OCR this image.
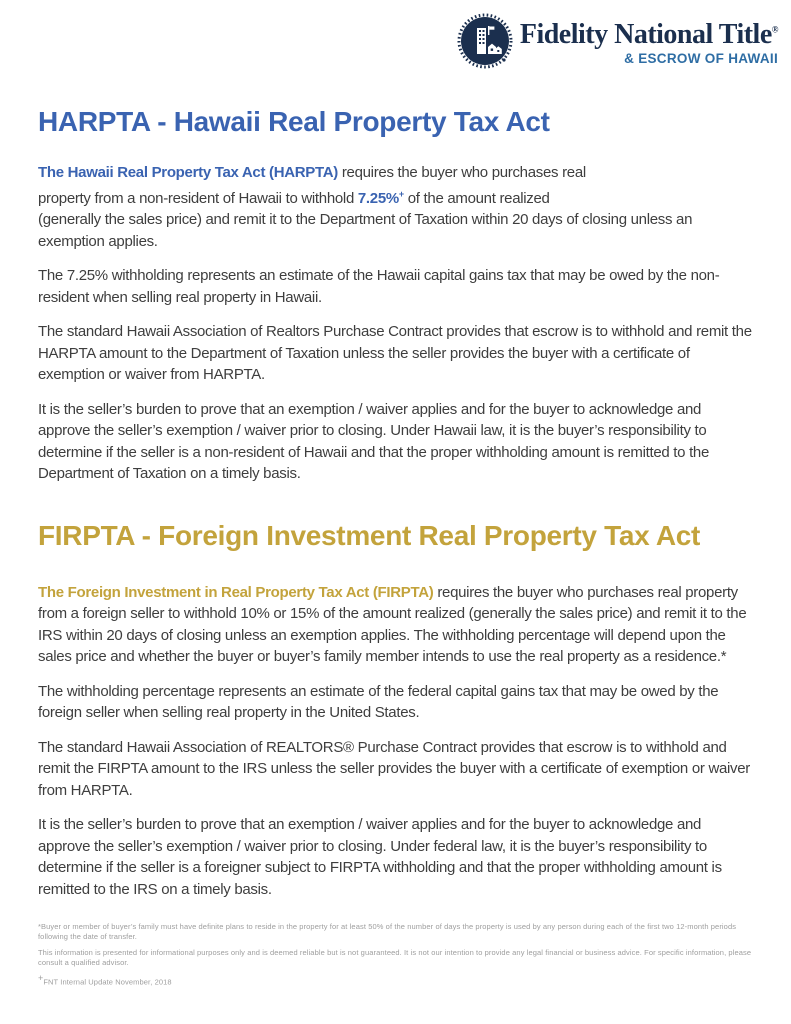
Fidelity National Title®
& ESCROW OF HAWAII
HARPTA - Hawaii Real Property Tax Act

The Hawaii Real Property Tax Act (HARPTA) requires the buyer who purchases real
property from a non-resident of Hawaii to withhold 7.25%+ of the amount realized
(generally the sales price) and remit it to the Department of Taxation within 20 days of closing unless an exemption applies.

The 7.25% withholding represents an estimate of the Hawaii capital gains tax that may be owed by the non-resident when selling real property in Hawaii.

The standard Hawaii Association of Realtors Purchase Contract provides that escrow is to withhold and remit the HARPTA amount to the Department of Taxation unless the seller provides the buyer with a certificate of exemption or waiver from HARPTA.

It is the seller’s burden to prove that an exemption / waiver applies and for the buyer to acknowledge and approve the seller’s exemption / waiver prior to closing. Under Hawaii law, it is the buyer’s responsibility to determine if the seller is a non-resident of Hawaii and that the proper withholding amount is remitted to the Department of Taxation on a timely basis.

FIRPTA - Foreign Investment Real Property Tax Act

The Foreign Investment in Real Property Tax Act (FIRPTA) requires the buyer who purchases real property from a foreign seller to withhold 10% or 15% of the amount realized (generally the sales price) and remit it to the IRS within 20 days of closing unless an exemption applies. The withholding percentage will depend upon the sales price and whether the buyer or buyer’s family member intends to use the real property as a residence.*

The withholding percentage represents an estimate of the federal capital gains tax that may be owed by the foreign seller when selling real property in the United States.

The standard Hawaii Association of REALTORS® Purchase Contract provides that escrow is to withhold and remit the FIRPTA amount to the IRS unless the seller provides the buyer with a certificate of exemption or waiver from HARPTA.

It is the seller’s burden to prove that an exemption / waiver applies and for the buyer to acknowledge and approve the seller’s exemption / waiver prior to closing. Under federal law, it is the buyer’s responsibility to determine if the seller is a foreigner subject to FIRPTA withholding and that the proper withholding amount is remitted to the IRS on a timely basis.

*Buyer or member of buyer’s family must have definite plans to reside in the property for at least 50% of the number of days the property is used by any person during each of the first two 12-month periods following the date of transfer.

This information is presented for informational purposes only and is deemed reliable but is not guaranteed. It is not our intention to provide any legal financial or business advice. For specific information, please consult a qualified advisor.

+FNT Internal Update November, 2018
